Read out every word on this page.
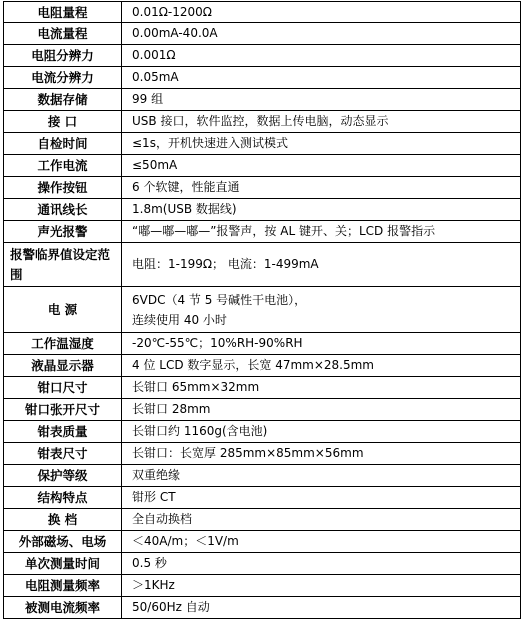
电阻量程	0.01Ω-1200Ω
电流量程	0.00mA-40.0A
电阻分辨力	0.001Ω
电流分辨力	0.05mA
数据存储	99 组
接 口	USB 接口，软件监控，数据上传电脑，动态显示
自检时间	≤1s，开机快速进入测试模式
工作电流	≤50mA
操作按钮	6 个软键，性能直通
通讯线长	1.8m(USB 数据线)
声光报警	“嘟—嘟—嘟—”报警声，按 AL 键开、关；LCD 报警指示
报警临界值设定范围	电阻：1-199Ω； 电流：1-499mA
电 源	6VDC（4 节 5 号碱性干电池），
连续使用 40 小时

工作温湿度	-20℃-55℃；10%RH-90%RH
液晶显示器	4 位 LCD 数字显示，长宽 47mm×28.5mm
钳口尺寸	长钳口 65mm×32mm
钳口张开尺寸	长钳口 28mm
钳表质量	长钳口约 1160g(含电池)
钳表尺寸	长钳口：长宽厚 285mm×85mm×56mm
保护等级	双重绝缘
结构特点	钳形 CT
换 档	全自动换档
外部磁场、电场	＜40A/m；＜1V/m
单次测量时间	0.5 秒
电阻测量频率	＞1KHz
被测电流频率	50/60Hz 自动
